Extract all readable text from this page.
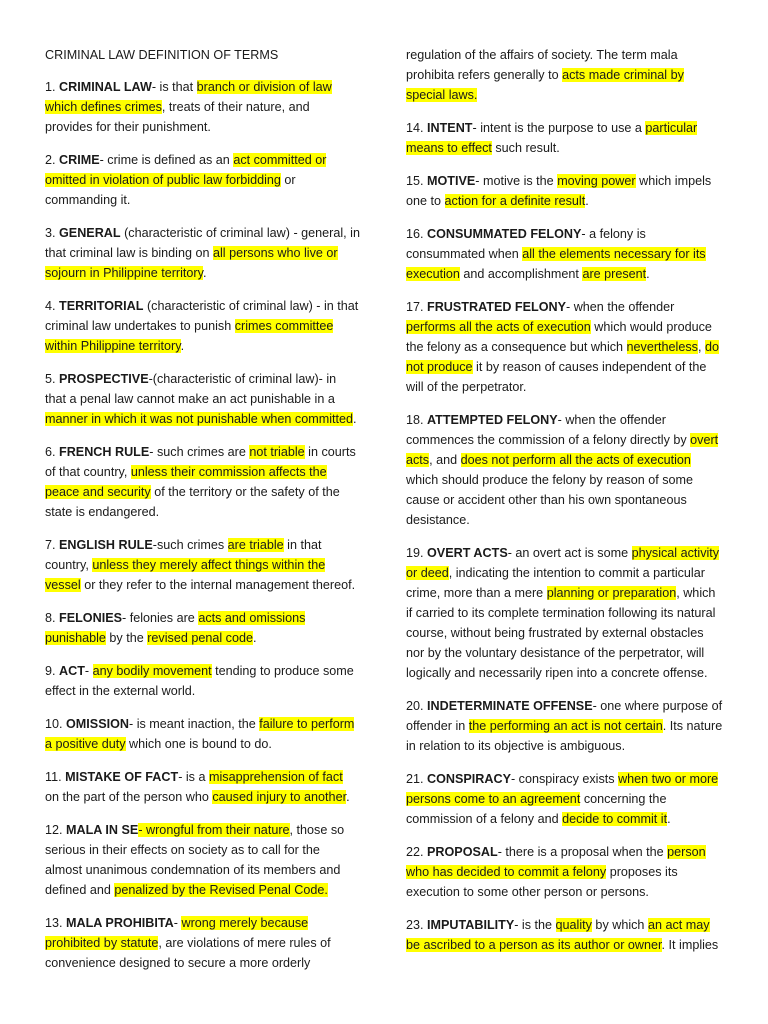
CRIMINAL LAW DEFINITION OF TERMS

1. CRIMINAL LAW- is that branch or division of law which defines crimes, treats of their nature, and provides for their punishment.

2. CRIME- crime is defined as an act committed or omitted in violation of public law forbidding or commanding it.

3. GENERAL (characteristic of criminal law) - general, in that criminal law is binding on all persons who live or sojourn in Philippine territory.

4. TERRITORIAL (characteristic of criminal law) - in that criminal law undertakes to punish crimes committee within Philippine territory.

5. PROSPECTIVE-(characteristic of criminal law)- in that a penal law cannot make an act punishable in a manner in which it was not punishable when committed.

6. FRENCH RULE- such crimes are not triable in courts of that country, unless their commission affects the peace and security of the territory or the safety of the state is endangered.

7. ENGLISH RULE-such crimes are triable in that country, unless they merely affect things within the vessel or they refer to the internal management thereof.

8. FELONIES- felonies are acts and omissions punishable by the revised penal code.

9. ACT- any bodily movement tending to produce some effect in the external world.

10. OMISSION- is meant inaction, the failure to perform a positive duty which one is bound to do.

11. MISTAKE OF FACT- is a misapprehension of fact on the part of the person who caused injury to another.

12. MALA IN SE- wrongful from their nature, those so serious in their effects on society as to call for the almost unanimous condemnation of its members and defined and penalized by the Revised Penal Code.

13. MALA PROHIBITA- wrong merely because prohibited by statute, are violations of mere rules of convenience designed to secure a more orderly

regulation of the affairs of society. The term mala prohibita refers generally to acts made criminal by special laws.

14. INTENT- intent is the purpose to use a particular means to effect such result.

15. MOTIVE- motive is the moving power which impels one to action for a definite result.

16. CONSUMMATED FELONY- a felony is consummated when all the elements necessary for its execution and accomplishment are present.

17. FRUSTRATED FELONY- when the offender performs all the acts of execution which would produce the felony as a consequence but which nevertheless, do not produce it by reason of causes independent of the will of the perpetrator.

18. ATTEMPTED FELONY- when the offender commences the commission of a felony directly by overt acts, and does not perform all the acts of execution which should produce the felony by reason of some cause or accident other than his own spontaneous desistance.

19. OVERT ACTS- an overt act is some physical activity or deed, indicating the intention to commit a particular crime, more than a mere planning or preparation, which if carried to its complete termination following its natural course, without being frustrated by external obstacles nor by the voluntary desistance of the perpetrator, will logically and necessarily ripen into a concrete offense.

20. INDETERMINATE OFFENSE- one where purpose of offender in the performing an act is not certain. Its nature in relation to its objective is ambiguous.

21. CONSPIRACY- conspiracy exists when two or more persons come to an agreement concerning the commission of a felony and decide to commit it.

22. PROPOSAL- there is a proposal when the person who has decided to commit a felony proposes its execution to some other person or persons.

23. IMPUTABILITY- is the quality by which an act may be ascribed to a person as its author or owner. It implies
